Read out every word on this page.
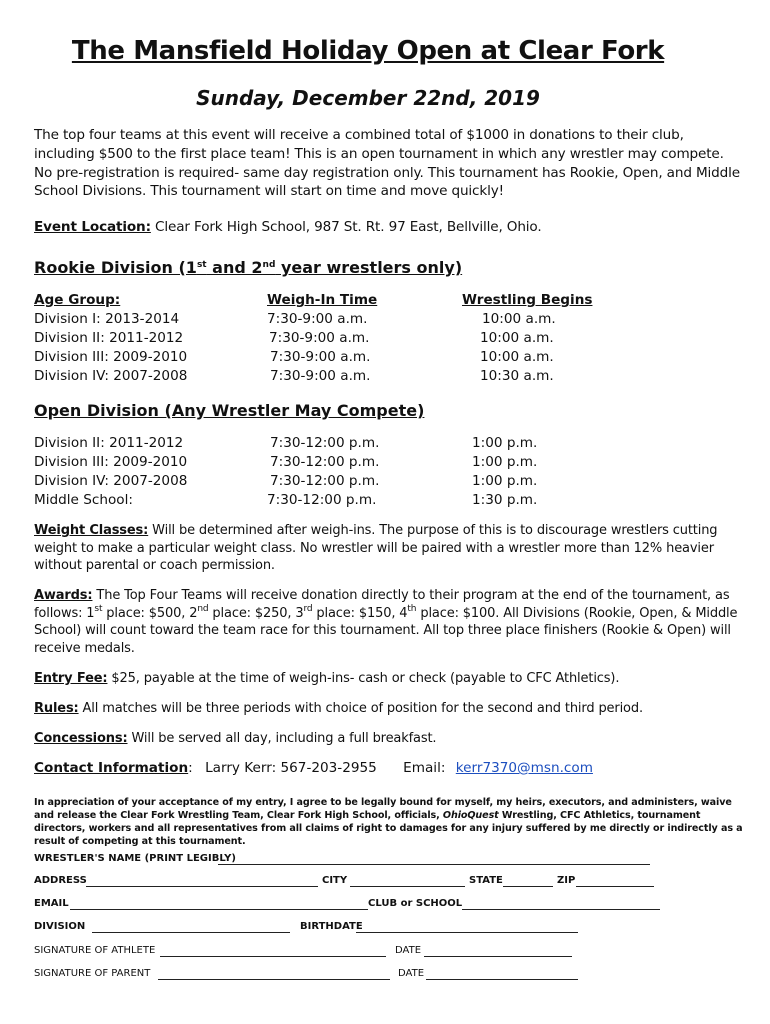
The Mansfield Holiday Open at Clear Fork
Sunday, December 22nd, 2019
The top four teams at this event will receive a combined total of $1000 in donations to their club, including $500 to the first place team! This is an open tournament in which any wrestler may compete. No pre-registration is required- same day registration only. This tournament has Rookie, Open, and Middle School Divisions. This tournament will start on time and move quickly!
Event Location: Clear Fork High School, 987 St. Rt. 97 East, Bellville, Ohio.
Rookie Division (1st and 2nd year wrestlers only)
Age Group:	Weigh-In Time	Wrestling Begins
Division I: 2013-2014	7:30-9:00 a.m.	10:00 a.m.
Division II: 2011-2012	7:30-9:00 a.m.	10:00 a.m.
Division III: 2009-2010	7:30-9:00 a.m.	10:00 a.m.
Division IV: 2007-2008	7:30-9:00 a.m.	10:30 a.m.
Open Division (Any Wrestler May Compete)
Division II: 2011-2012	7:30-12:00 p.m.	1:00 p.m.
Division III: 2009-2010	7:30-12:00 p.m.	1:00 p.m.
Division IV: 2007-2008	7:30-12:00 p.m.	1:00 p.m.
Middle School:	7:30-12:00 p.m.	1:30 p.m.
Weight Classes: Will be determined after weigh-ins. The purpose of this is to discourage wrestlers cutting weight to make a particular weight class. No wrestler will be paired with a wrestler more than 12% heavier without parental or coach permission.
Awards: The Top Four Teams will receive donation directly to their program at the end of the tournament, as follows: 1st place: $500, 2nd place: $250, 3rd place: $150, 4th place: $100. All Divisions (Rookie, Open, & Middle School) will count toward the team race for this tournament. All top three place finishers (Rookie & Open) will receive medals.
Entry Fee: $25, payable at the time of weigh-ins- cash or check (payable to CFC Athletics).
Rules: All matches will be three periods with choice of position for the second and third period.
Concessions: Will be served all day, including a full breakfast.
Contact Information: Larry Kerr: 567-203-2955 Email: kerr7370@msn.com
In appreciation of your acceptance of my entry, I agree to be legally bound for myself, my heirs, executors, and administers, waive and release the Clear Fork Wrestling Team, Clear Fork High School, officials, OhioQuest Wrestling, CFC Athletics, tournament directors, workers and all representatives from all claims of right to damages for any injury suffered by me directly or indirectly as a result of competing at this tournament.
WRESTLER'S NAME (PRINT LEGIBLY)
ADDRESS	CITY	STATE	ZIP
EMAIL	CLUB or SCHOOL
DIVISION	BIRTHDATE
SIGNATURE OF ATHLETE	DATE
SIGNATURE OF PARENT	DATE
